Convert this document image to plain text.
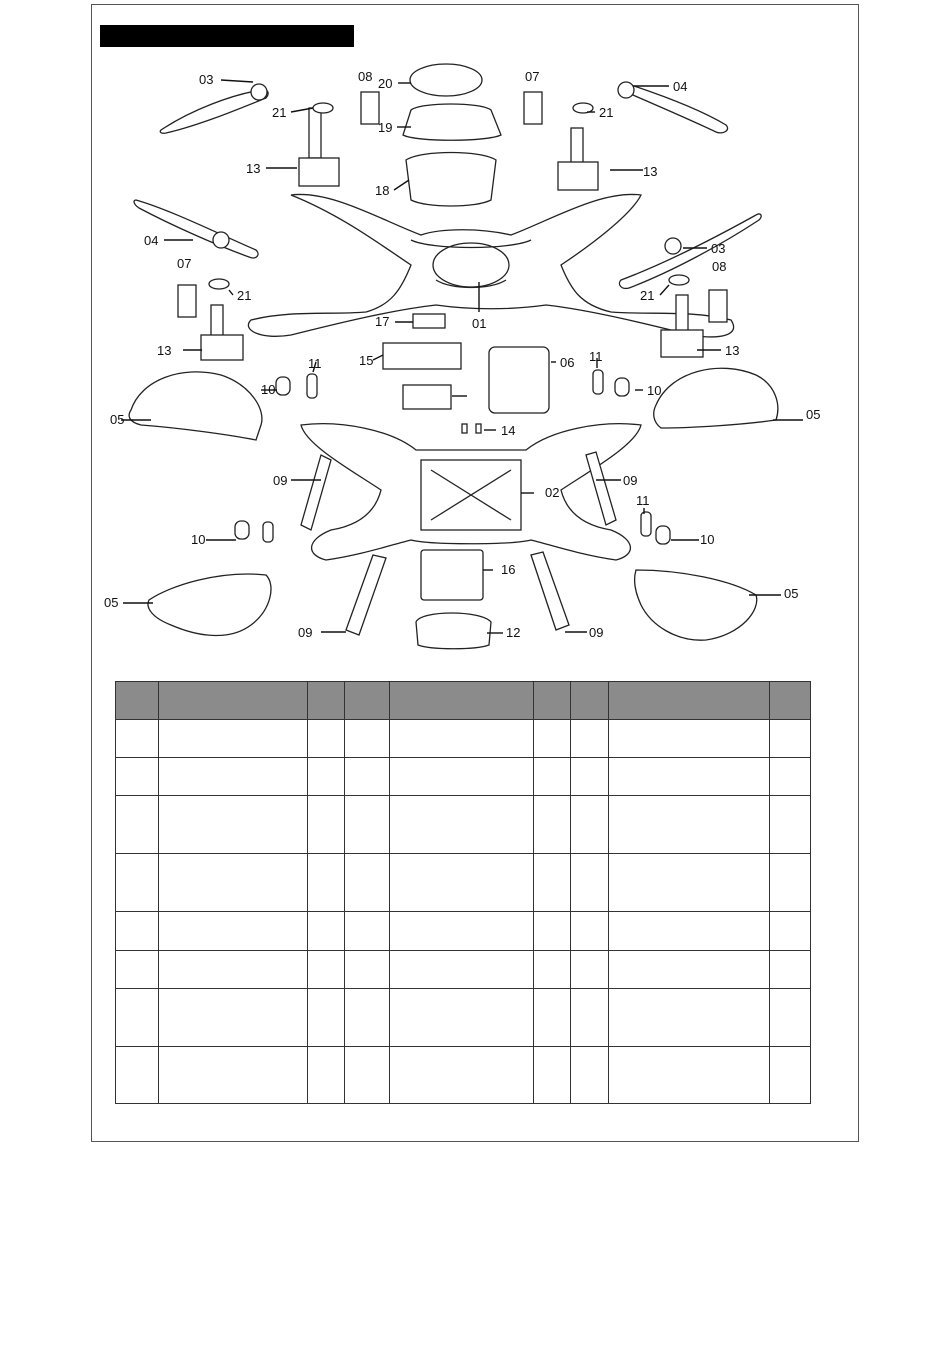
03
21
13
08 20
19
18
07
04
21
13
04
03
07	08
21	21
13	13
01
17
15	06
11	11
10	10
05	05
14
09	09
02
11
10	10
16
05
05
09	12	09
